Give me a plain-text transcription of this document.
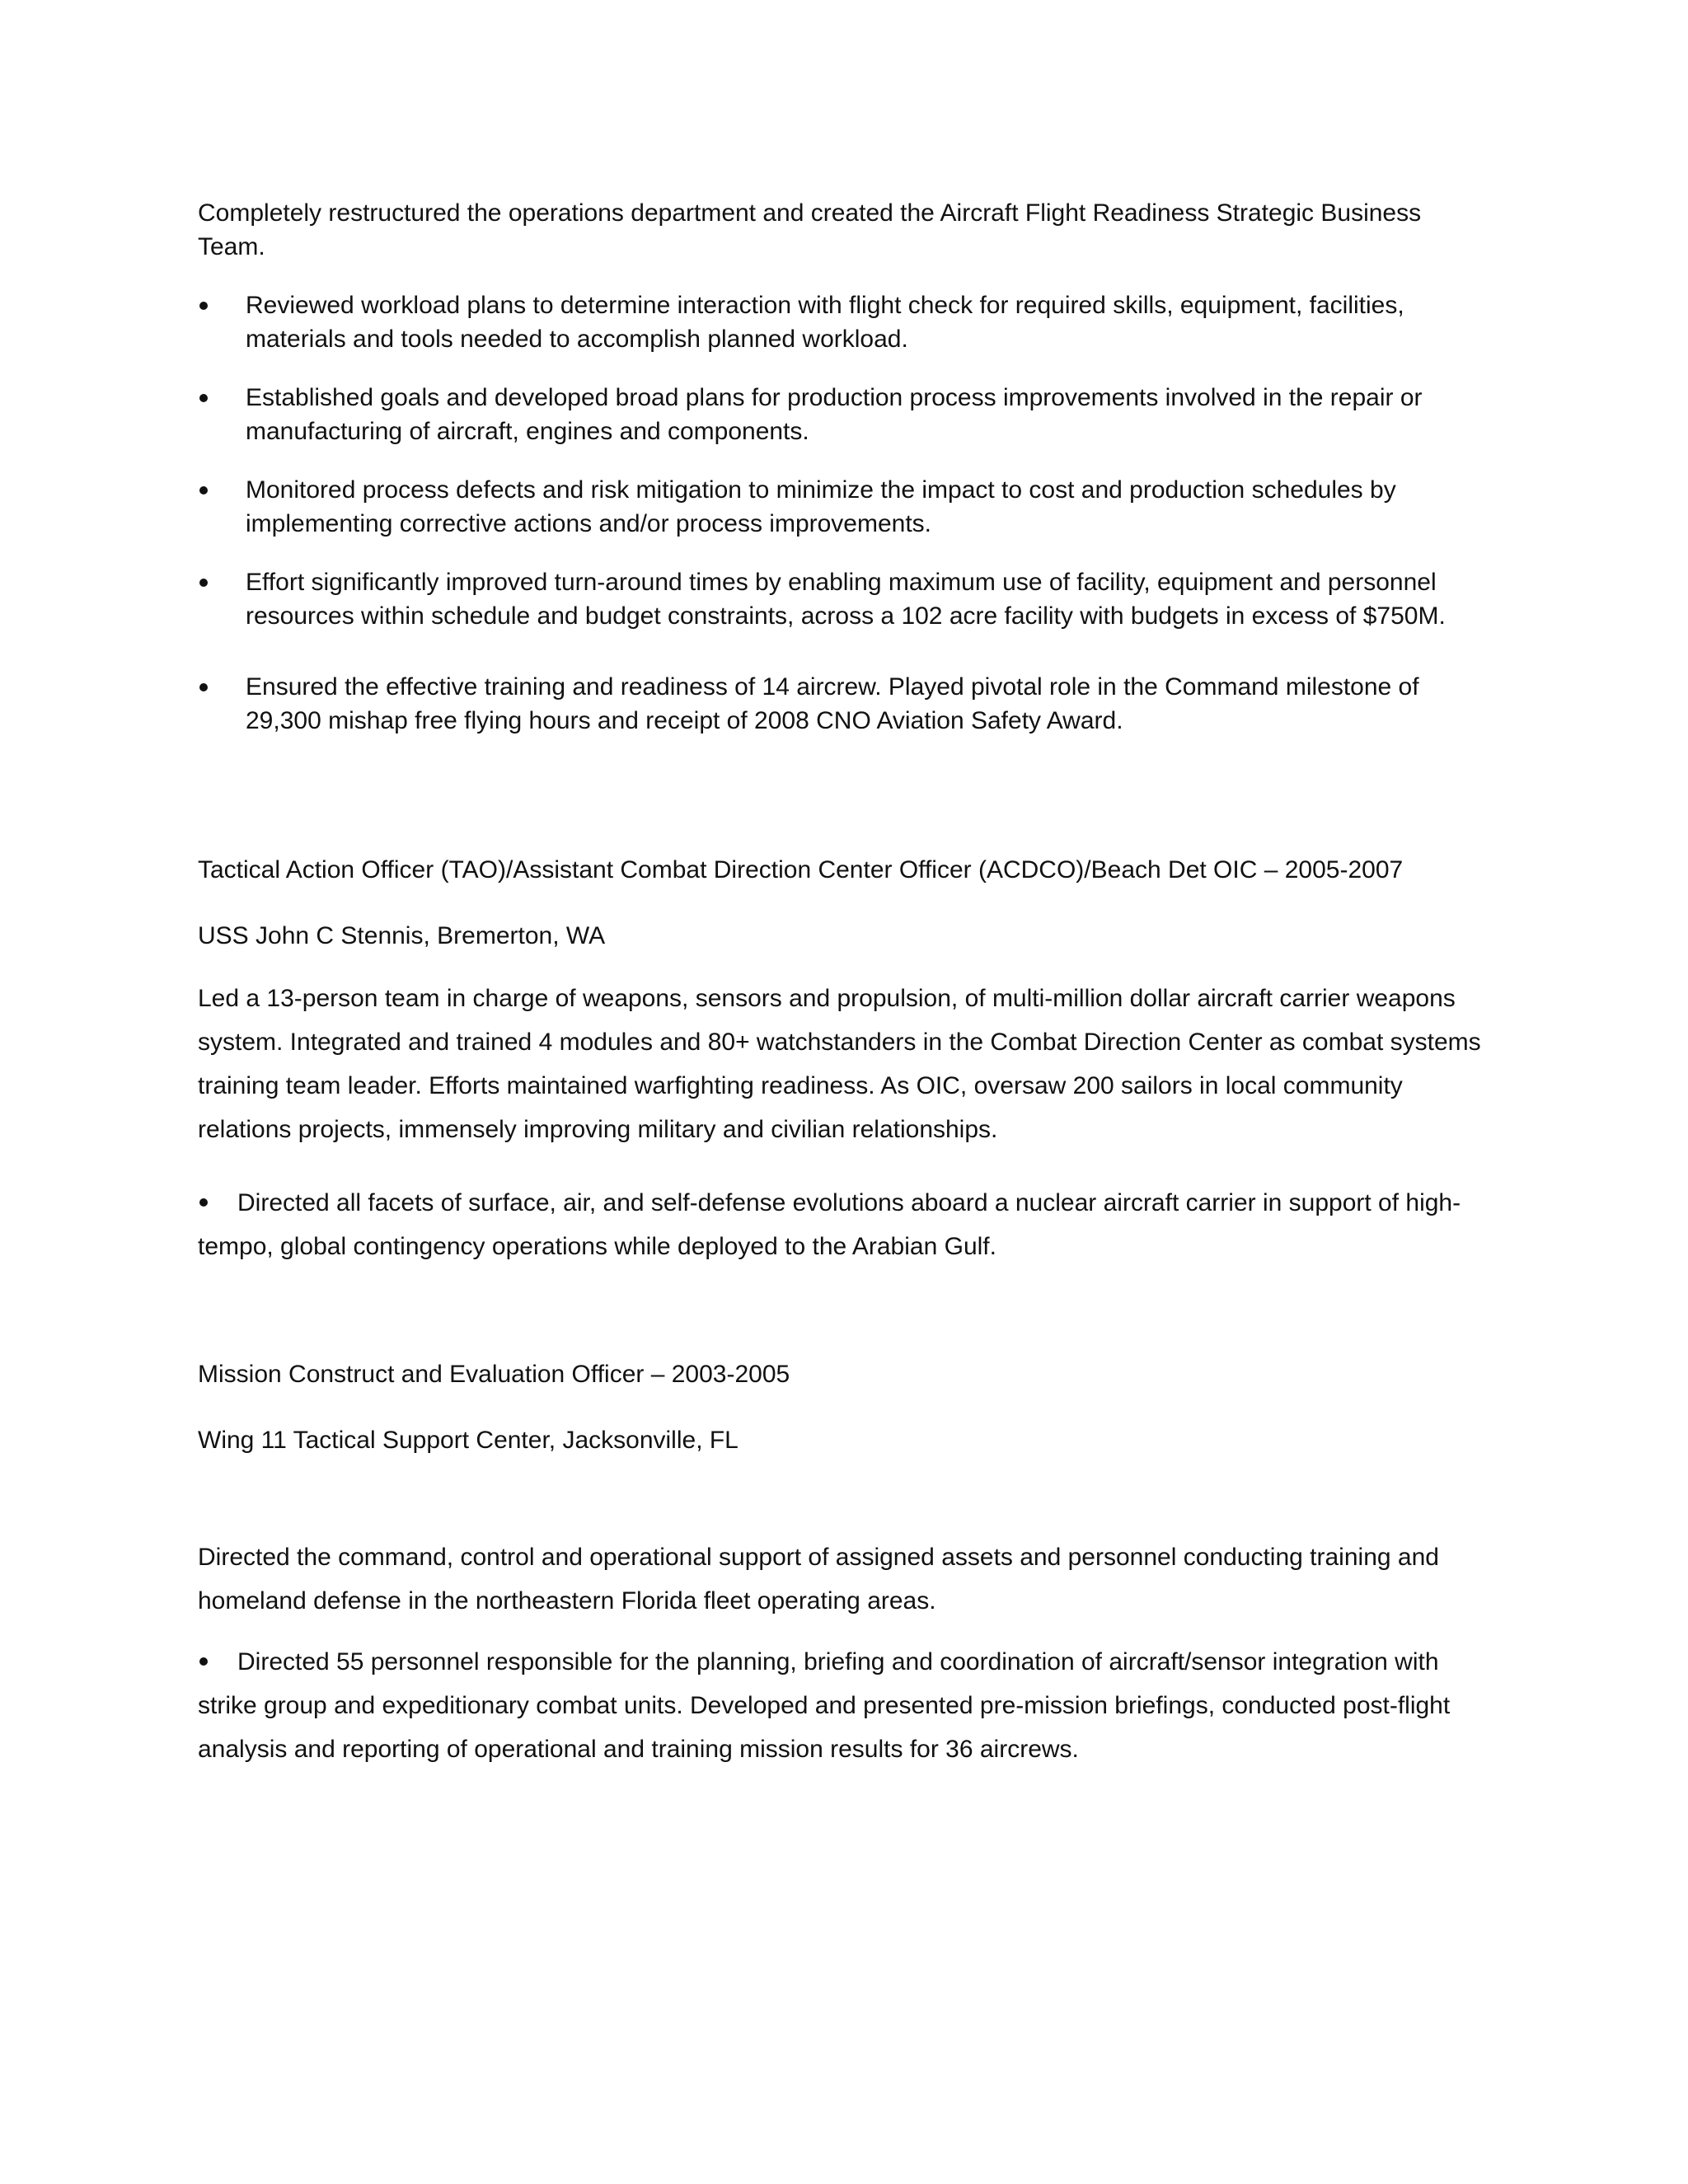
Completely restructured the operations department and created the Aircraft Flight Readiness Strategic Business Team.

Reviewed workload plans to determine interaction with flight check for required skills, equipment, facilities, materials and tools needed to accomplish planned workload.
Established goals and developed broad plans for production process improvements involved in the repair or manufacturing of aircraft, engines and components.
Monitored process defects and risk mitigation to minimize the impact to cost and production schedules by implementing corrective actions and/or process improvements.
Effort significantly improved turn-around times by enabling maximum use of facility, equipment and personnel resources within schedule and budget constraints, across a 102 acre facility with budgets in excess of $750M.
Ensured the effective training and readiness of 14 aircrew. Played pivotal role in the Command milestone of 29,300 mishap free flying hours and receipt of 2008 CNO Aviation Safety Award.

Tactical Action Officer (TAO)/Assistant Combat Direction Center Officer (ACDCO)/Beach Det OIC – 2005-2007

USS John C Stennis, Bremerton, WA

Led a 13-person team in charge of weapons, sensors and propulsion, of multi-million dollar aircraft carrier weapons system. Integrated and trained 4 modules and 80+ watchstanders in the Combat Direction Center as combat systems training team leader. Efforts maintained warfighting readiness. As OIC, oversaw 200 sailors in local community relations projects, immensely improving military and civilian relationships.

Directed all facets of surface, air, and self-defense evolutions aboard a nuclear aircraft carrier in support of high-tempo, global contingency operations while deployed to the Arabian Gulf.

Mission Construct and Evaluation Officer – 2003-2005

Wing 11 Tactical Support Center, Jacksonville, FL

Directed the command, control and operational support of assigned assets and personnel conducting training and homeland defense in the northeastern Florida fleet operating areas.

Directed 55 personnel responsible for the planning, briefing and coordination of aircraft/sensor integration with strike group and expeditionary combat units. Developed and presented pre-mission briefings, conducted post-flight analysis and reporting of operational and training mission results for 36 aircrews.
